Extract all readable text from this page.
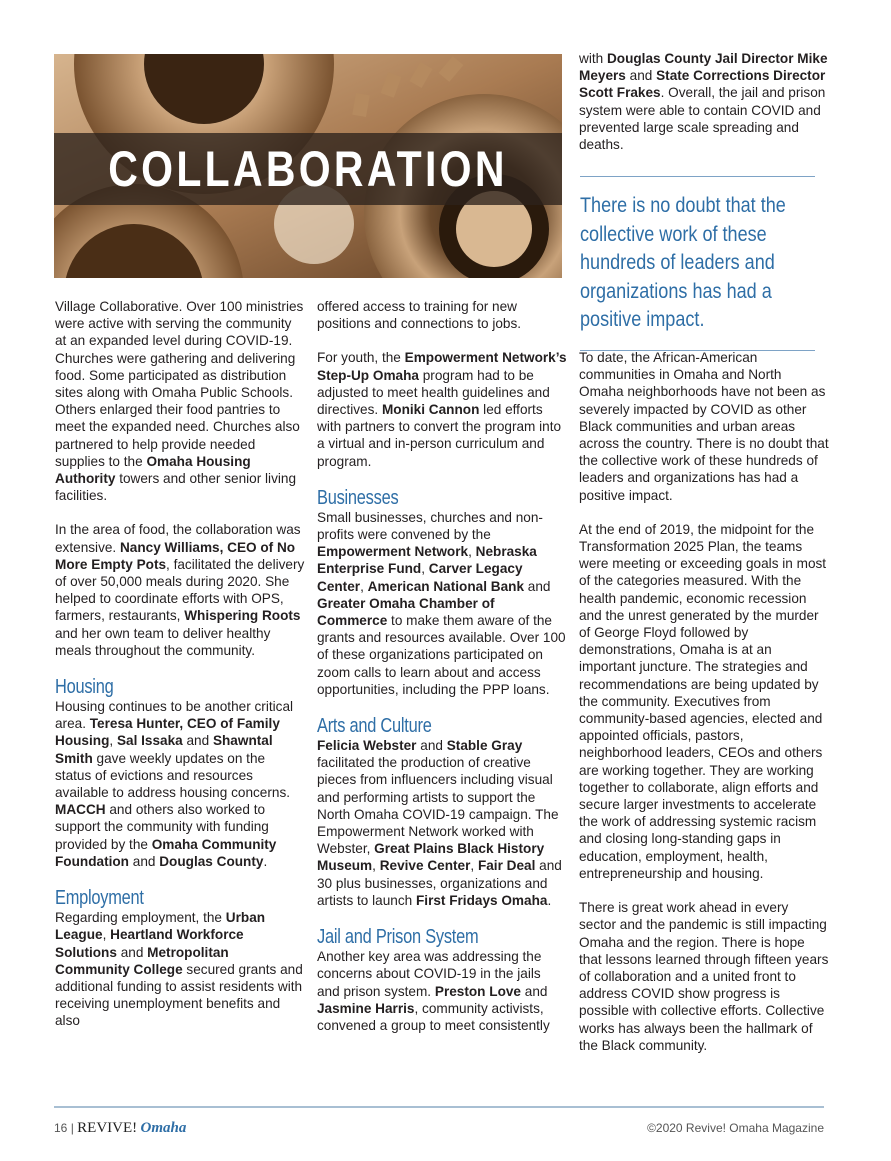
COLLABORATION

Village Collaborative. Over 100 ministries were active with serving the community at an expanded level during COVID-19. Churches were gathering and delivering food. Some participated as distribution sites along with Omaha Public Schools. Others enlarged their food pantries to meet the expanded need. Churches also partnered to help provide needed supplies to the Omaha Housing Authority towers and other senior living facilities.

In the area of food, the collaboration was extensive. Nancy Williams, CEO of No More Empty Pots, facilitated the delivery of over 50,000 meals during 2020. She helped to coordinate efforts with OPS, farmers, restaurants, Whispering Roots and her own team to deliver healthy meals throughout the community.

Housing

Housing continues to be another critical area. Teresa Hunter, CEO of Family Housing, Sal Issaka and Shawntal Smith gave weekly updates on the status of evictions and resources available to address housing concerns. MACCH and others also worked to support the community with funding provided by the Omaha Community Foundation and Douglas County.

Employment

Regarding employment, the Urban League, Heartland Workforce Solutions and Metropolitan Community College secured grants and additional funding to assist residents with receiving unemployment benefits and also

offered access to training for new positions and connections to jobs.

For youth, the Empowerment Network’s Step-Up Omaha program had to be adjusted to meet health guidelines and directives. Moniki Cannon led efforts with partners to convert the program into a virtual and in-person curriculum and program.

Businesses

Small businesses, churches and non-profits were convened by the Empowerment Network, Nebraska Enterprise Fund, Carver Legacy Center, American National Bank and Greater Omaha Chamber of Commerce to make them aware of the grants and resources available. Over 100 of these organizations participated on zoom calls to learn about and access opportunities, including the PPP loans.

Arts and Culture

Felicia Webster and Stable Gray facilitated the production of creative pieces from influencers including visual and performing artists to support the North Omaha COVID-19 campaign. The Empowerment Network worked with Webster, Great Plains Black History Museum, Revive Center, Fair Deal and 30 plus businesses, organizations and artists to launch First Fridays Omaha.

Jail and Prison System

Another key area was addressing the concerns about COVID-19 in the jails and prison system. Preston Love and Jasmine Harris, community activists, convened a group to meet consistently

with Douglas County Jail Director Mike Meyers and State Corrections Director Scott Frakes. Overall, the jail and prison system were able to contain COVID and prevented large scale spreading and deaths.

There is no doubt that the collective work of these hundreds of leaders and organizations has had a positive impact.

To date, the African-American communities in Omaha and North Omaha neighborhoods have not been as severely impacted by COVID as other Black communities and urban areas across the country. There is no doubt that the collective work of these hundreds of leaders and organizations has had a positive impact.

At the end of 2019, the midpoint for the Transformation 2025 Plan, the teams were meeting or exceeding goals in most of the categories measured. With the health pandemic, economic recession and the unrest generated by the murder of George Floyd followed by demonstrations, Omaha is at an important juncture. The strategies and recommendations are being updated by the community. Executives from community-based agencies, elected and appointed officials, pastors, neighborhood leaders, CEOs and others are working together. They are working together to collaborate, align efforts and secure larger investments to accelerate the work of addressing systemic racism and closing long-standing gaps in education, employment, health, entrepreneurship and housing.

There is great work ahead in every sector and the pandemic is still impacting Omaha and the region. There is hope that lessons learned through fifteen years of collaboration and a united front to address COVID show progress is possible with collective efforts. Collective works has always been the hallmark of the Black community.

16 | REVIVE! Omaha	©2020 Revive! Omaha Magazine
